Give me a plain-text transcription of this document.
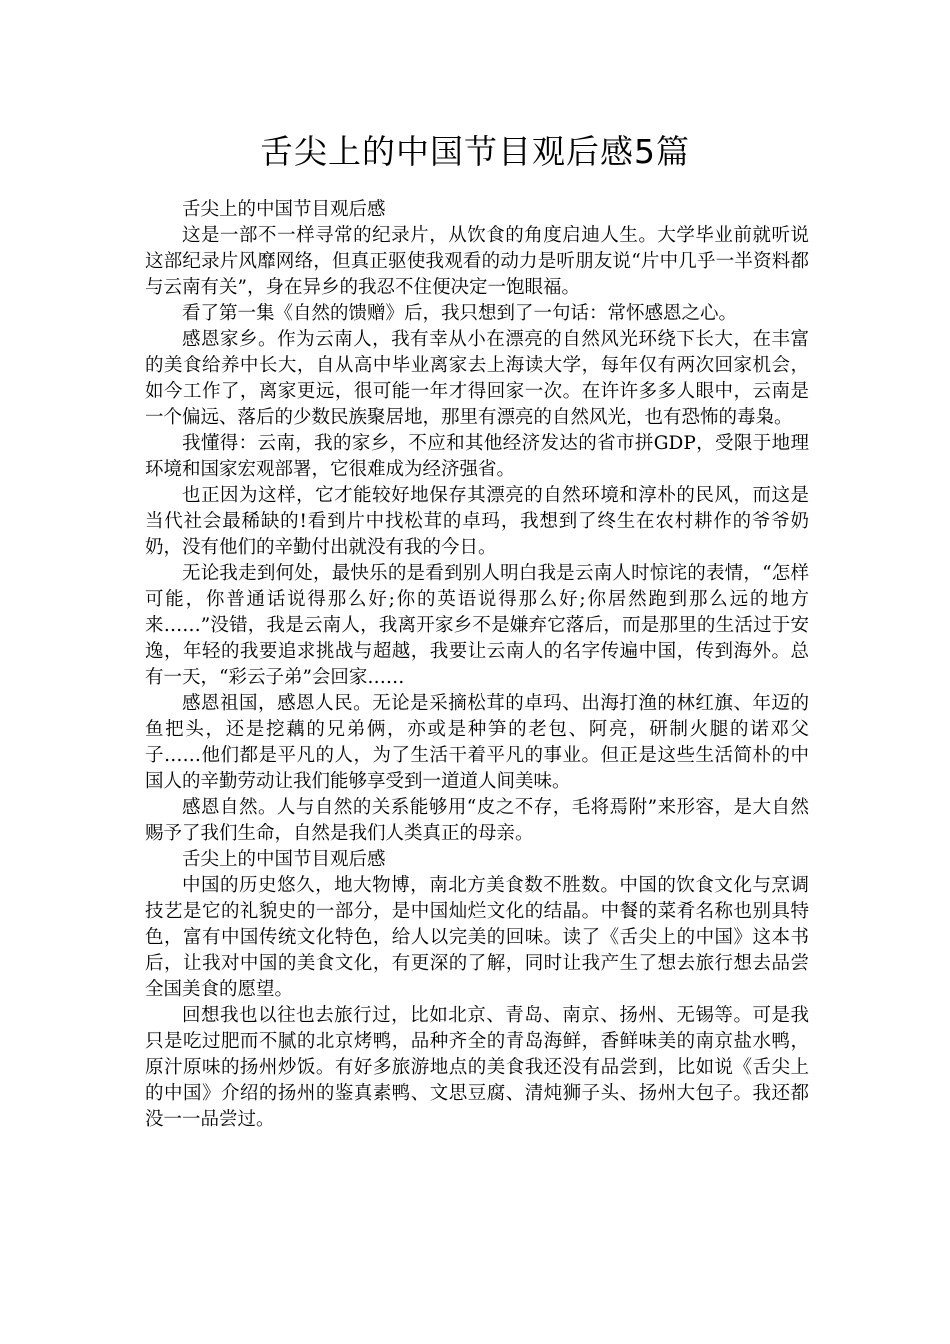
舌尖上的中国节目观后感5篇

舌尖上的中国节目观后感

这是一部不一样寻常的纪录片，从饮食的角度启迪人生。大学毕业前就听说这部纪录片风靡网络，但真正驱使我观看的动力是听朋友说“片中几乎一半资料都与云南有关”，身在异乡的我忍不住便决定一饱眼福。

看了第一集《自然的馈赠》后，我只想到了一句话：常怀感恩之心。

感恩家乡。作为云南人，我有幸从小在漂亮的自然风光环绕下长大，在丰富的美食给养中长大，自从高中毕业离家去上海读大学，每年仅有两次回家机会，如今工作了，离家更远，很可能一年才得回家一次。在许许多多人眼中，云南是一个偏远、落后的少数民族聚居地，那里有漂亮的自然风光，也有恐怖的毒枭。

我懂得：云南，我的家乡，不应和其他经济发达的省市拼GDP，受限于地理环境和国家宏观部署，它很难成为经济强省。

也正因为这样，它才能较好地保存其漂亮的自然环境和淳朴的民风，而这是当代社会最稀缺的!看到片中找松茸的卓玛，我想到了终生在农村耕作的爷爷奶奶，没有他们的辛勤付出就没有我的今日。

无论我走到何处，最快乐的是看到别人明白我是云南人时惊诧的表情，“怎样可能，你普通话说得那么好;你的英语说得那么好;你居然跑到那么远的地方来……”没错，我是云南人，我离开家乡不是嫌弃它落后，而是那里的生活过于安逸，年轻的我要追求挑战与超越，我要让云南人的名字传遍中国，传到海外。总有一天，“彩云子弟”会回家……

感恩祖国，感恩人民。无论是采摘松茸的卓玛、出海打渔的林红旗、年迈的鱼把头，还是挖藕的兄弟俩，亦或是种笋的老包、阿亮，研制火腿的诺邓父子……他们都是平凡的人，为了生活干着平凡的事业。但正是这些生活简朴的中国人的辛勤劳动让我们能够享受到一道道人间美味。

感恩自然。人与自然的关系能够用“皮之不存，毛将焉附”来形容，是大自然赐予了我们生命，自然是我们人类真正的母亲。

舌尖上的中国节目观后感

中国的历史悠久，地大物博，南北方美食数不胜数。中国的饮食文化与烹调技艺是它的礼貌史的一部分，是中国灿烂文化的结晶。中餐的菜肴名称也别具特色，富有中国传统文化特色，给人以完美的回味。读了《舌尖上的中国》这本书后，让我对中国的美食文化，有更深的了解，同时让我产生了想去旅行想去品尝全国美食的愿望。

回想我也以往也去旅行过，比如北京、青岛、南京、扬州、无锡等。可是我只是吃过肥而不腻的北京烤鸭，品种齐全的青岛海鲜，香鲜味美的南京盐水鸭，原汁原味的扬州炒饭。有好多旅游地点的美食我还没有品尝到，比如说《舌尖上的中国》介绍的扬州的鉴真素鸭、文思豆腐、清炖狮子头、扬州大包子。我还都没一一品尝过。
